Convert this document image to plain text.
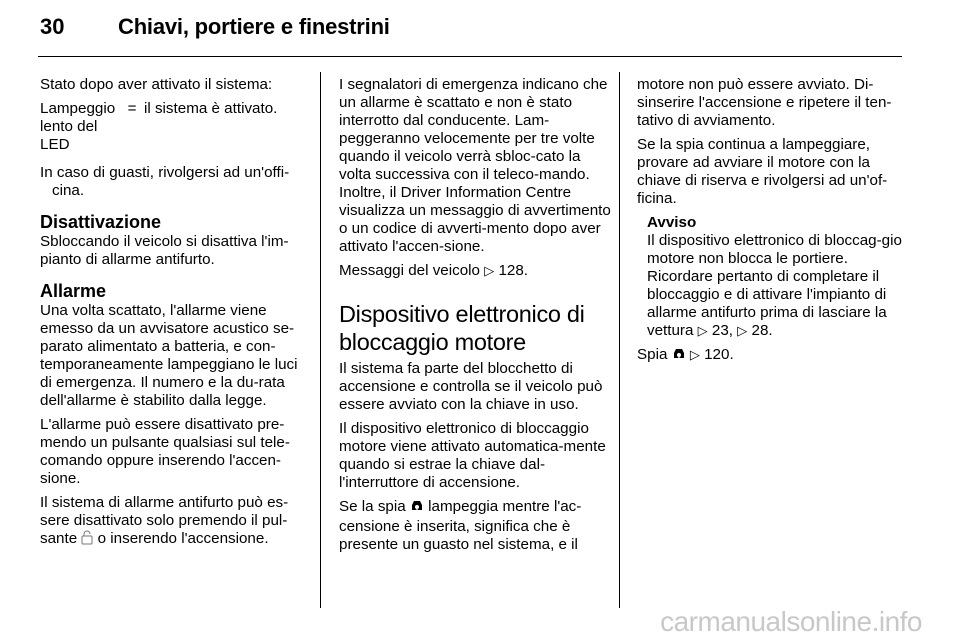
30	Chiavi, portiere e finestrini

Stato dopo aver attivato il sistema:

Lampeggio lento del LED
= il sistema è attivato.

In caso di guasti, rivolgersi ad un'offi-cina.

Disattivazione

Sbloccando il veicolo si disattiva l'im-pianto di allarme antifurto.

Allarme

Una volta scattato, l'allarme viene emesso da un avvisatore acustico se-parato alimentato a batteria, e con-temporaneamente lampeggiano le luci di emergenza. Il numero e la du-rata dell'allarme è stabilito dalla legge.

L'allarme può essere disattivato pre-mendo un pulsante qualsiasi sul tele-comando oppure inserendo l'accen-sione.

Il sistema di allarme antifurto può es-sere disattivato solo premendo il pul-sante o inserendo l'accensione.

I segnalatori di emergenza indicano che un allarme è scattato e non è stato interrotto dal conducente. Lam-peggeranno velocemente per tre volte quando il veicolo verrà sbloc-cato la volta successiva con il teleco-mando. Inoltre, il Driver Information Centre visualizza un messaggio di avvertimento o un codice di avverti-mento dopo aver attivato l'accen-sione.

Messaggi del veicolo ▷ 128.

Dispositivo elettronico di bloccaggio motore

Il sistema fa parte del blocchetto di accensione e controlla se il veicolo può essere avviato con la chiave in uso.

Il dispositivo elettronico di bloccaggio motore viene attivato automatica-mente quando si estrae la chiave dal-l'interruttore di accensione.

Se la spia lampeggia mentre l'ac-censione è inserita, significa che è presente un guasto nel sistema, e il

motore non può essere avviato. Di-sinserire l'accensione e ripetere il ten-tativo di avviamento.

Se la spia continua a lampeggiare, provare ad avviare il motore con la chiave di riserva e rivolgersi ad un'of-ficina.

Avviso

Il dispositivo elettronico di bloccag-gio motore non blocca le portiere. Ricordare pertanto di completare il bloccaggio e di attivare l'impianto di allarme antifurto prima di lasciare la vettura ▷ 23, ▷ 28.

Spia ▷ 120.

carmanualsonline.info
